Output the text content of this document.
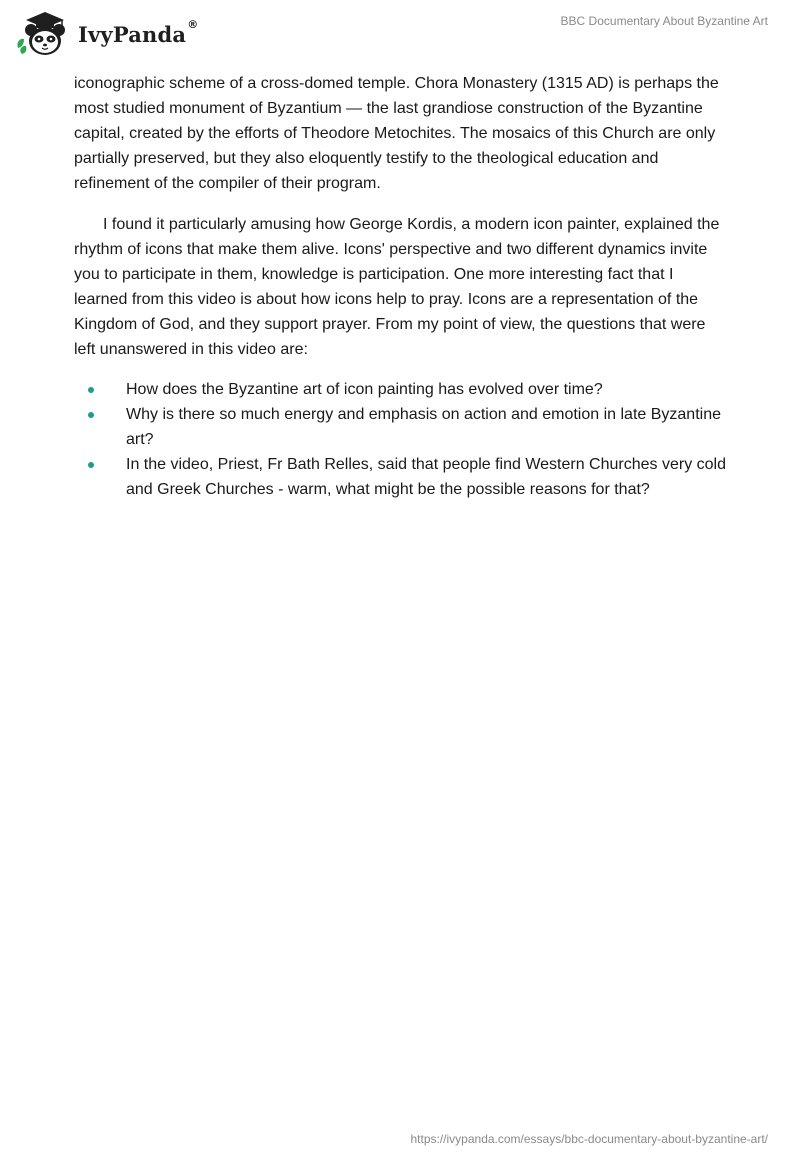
IvyPanda®	BBC Documentary About Byzantine Art

iconographic scheme of a cross-domed temple. Chora Monastery (1315 AD) is perhaps the most studied monument of Byzantium — the last grandiose construction of the Byzantine capital, created by the efforts of Theodore Metochites. The mosaics of this Church are only partially preserved, but they also eloquently testify to the theological education and refinement of the compiler of their program.

I found it particularly amusing how George Kordis, a modern icon painter, explained the rhythm of icons that make them alive. Icons' perspective and two different dynamics invite you to participate in them, knowledge is participation. One more interesting fact that I learned from this video is about how icons help to pray. Icons are a representation of the Kingdom of God, and they support prayer. From my point of view, the questions that were left unanswered in this video are:

How does the Byzantine art of icon painting has evolved over time?
Why is there so much energy and emphasis on action and emotion in late Byzantine art?
In the video, Priest, Fr Bath Relles, said that people find Western Churches very cold and Greek Churches - warm, what might be the possible reasons for that?
https://ivypanda.com/essays/bbc-documentary-about-byzantine-art/
